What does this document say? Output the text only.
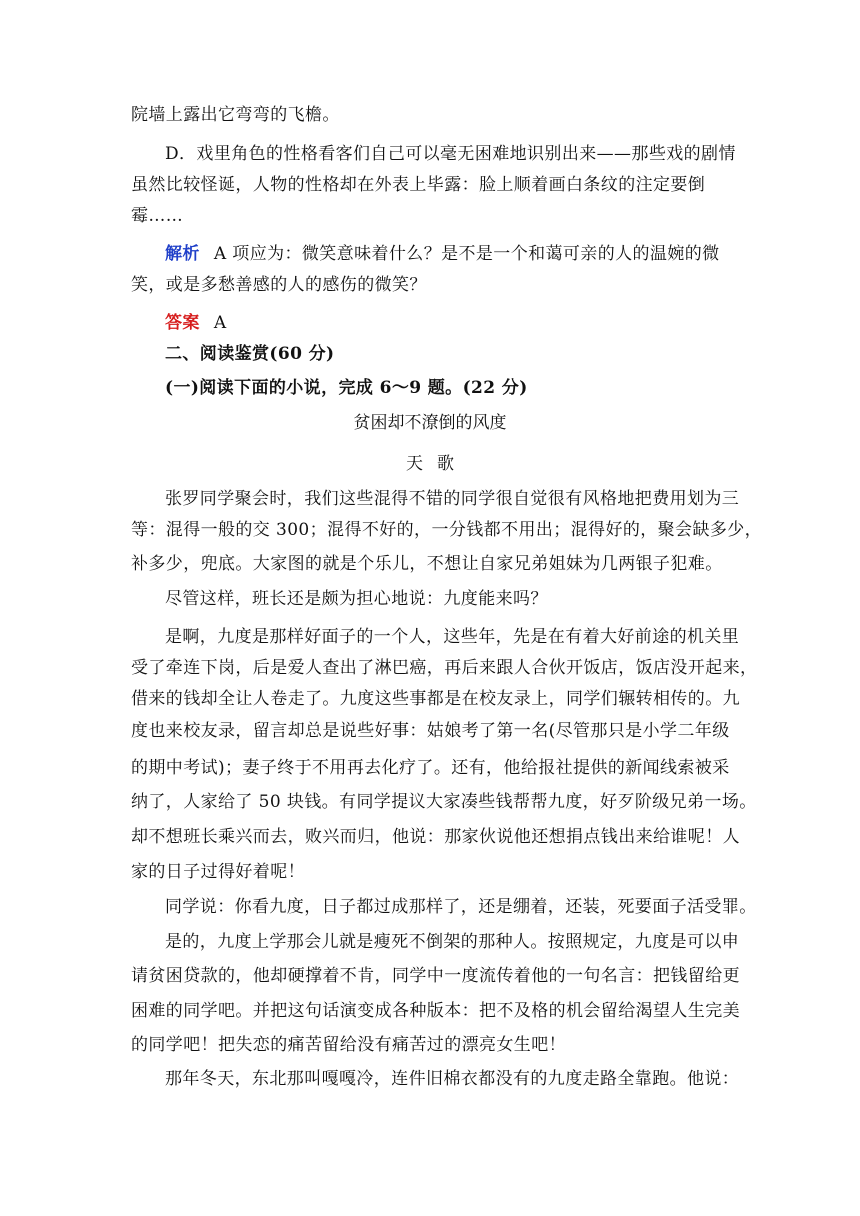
院墙上露出它弯弯的飞檐。
D．戏里角色的性格看客们自己可以毫无困难地识别出来——那些戏的剧情
虽然比较怪诞，人物的性格却在外表上毕露：脸上顺着画白条纹的注定要倒
霉……
解析 A 项应为：微笑意味着什么？是不是一个和蔼可亲的人的温婉的微
笑，或是多愁善感的人的感伤的微笑？
答案 A
二、阅读鉴赏(60 分)
(一)阅读下面的小说，完成 6～9 题。(22 分)
贫困却不潦倒的风度
天歌
张罗同学聚会时，我们这些混得不错的同学很自觉很有风格地把费用划为三
等：混得一般的交 300；混得不好的，一分钱都不用出；混得好的，聚会缺多少，
补多少，兜底。大家图的就是个乐儿，不想让自家兄弟姐妹为几两银子犯难。
尽管这样，班长还是颇为担心地说：九度能来吗？
是啊，九度是那样好面子的一个人，这些年，先是在有着大好前途的机关里
受了牵连下岗，后是爱人查出了淋巴癌，再后来跟人合伙开饭店，饭店没开起来，
借来的钱却全让人卷走了。九度这些事都是在校友录上，同学们辗转相传的。九
度也来校友录，留言却总是说些好事：姑娘考了第一名(尽管那只是小学二年级
的期中考试)；妻子终于不用再去化疗了。还有，他给报社提供的新闻线索被采
纳了，人家给了 50 块钱。有同学提议大家凑些钱帮帮九度，好歹阶级兄弟一场。
却不想班长乘兴而去，败兴而归，他说：那家伙说他还想捐点钱出来给谁呢！人
家的日子过得好着呢！
同学说：你看九度，日子都过成那样了，还是绷着，还装，死要面子活受罪。
是的，九度上学那会儿就是瘦死不倒架的那种人。按照规定，九度是可以申
请贫困贷款的，他却硬撑着不肯，同学中一度流传着他的一句名言：把钱留给更
困难的同学吧。并把这句话演变成各种版本：把不及格的机会留给渴望人生完美
的同学吧！把失恋的痛苦留给没有痛苦过的漂亮女生吧！
那年冬天，东北那叫嘎嘎冷，连件旧棉衣都没有的九度走路全靠跑。他说：
